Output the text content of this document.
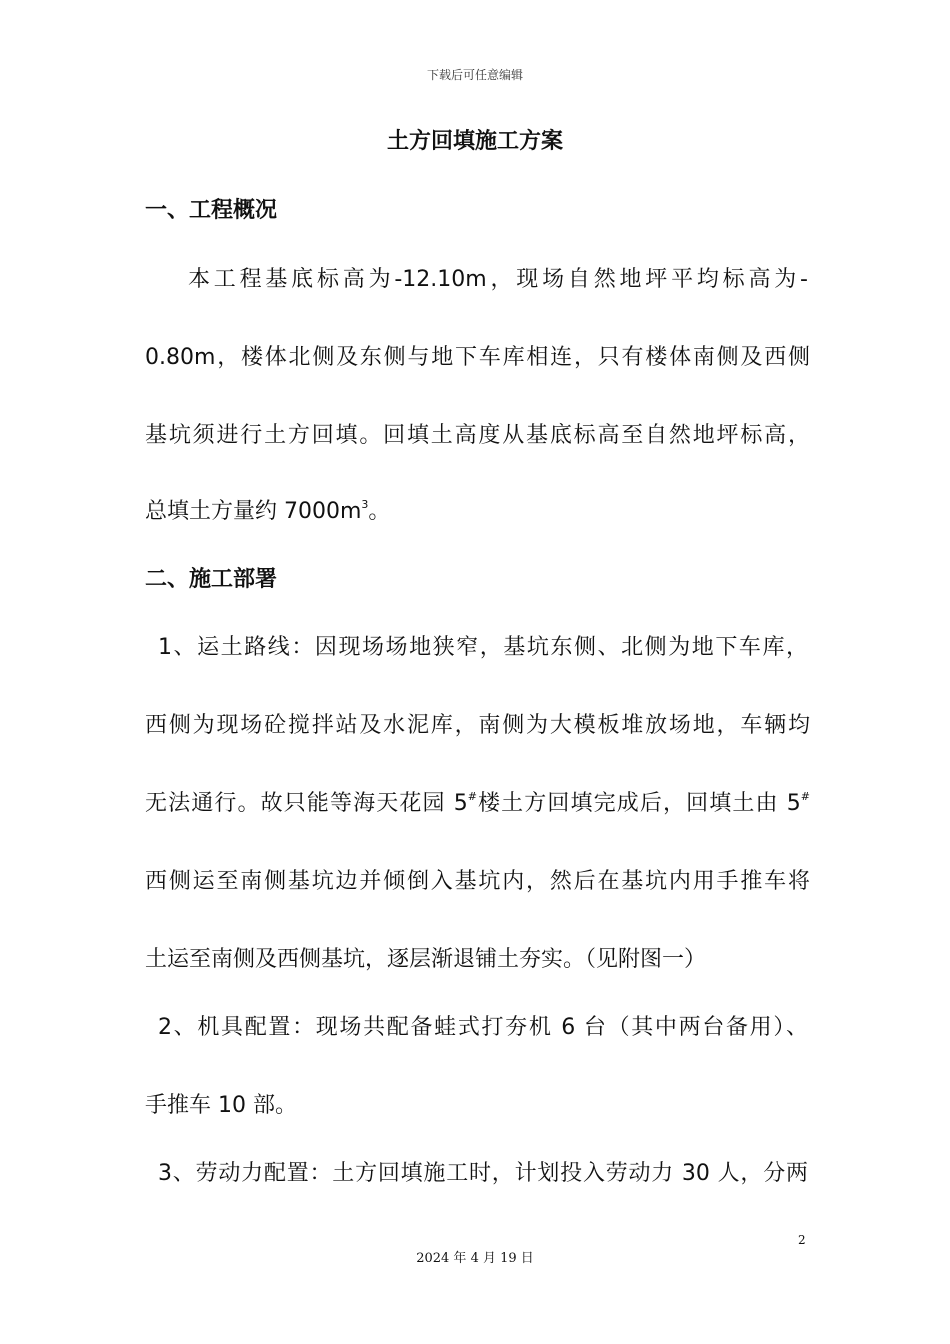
下载后可任意编辑
土方回填施工方案
一、工程概况
本工程基底标高为-12.10m，现场自然地坪平均标高为-
0.80m，楼体北侧及东侧与地下车库相连，只有楼体南侧及西侧
基坑须进行土方回填。回填土高度从基底标高至自然地坪标高，
总填土方量约 $7000m^3$。
二、施工部署
1、运土路线：因现场场地狭窄，基坑东侧、北侧为地下车库，
西侧为现场砼搅拌站及水泥库，南侧为大模板堆放场地，车辆均
无法通行。故只能等海天花园 5#楼土方回填完成后，回填土由 5#
西侧运至南侧基坑边并倾倒入基坑内，然后在基坑内用手推车将
土运至南侧及西侧基坑，逐层渐退铺土夯实。（见附图一）
2、机具配置：现场共配备蛙式打夯机 6 台（其中两台备用）、
手推车 10 部。
3、劳动力配置：土方回填施工时，计划投入劳动力 30 人，分两
2
2024 年 4 月 19 日
